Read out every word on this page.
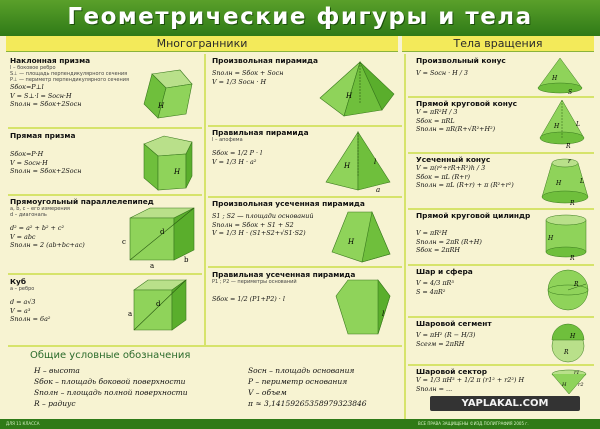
Геометрические фигуры и тела
Многогранники	Тела вращения
Наклонная призма
l – боковое ребро
S⊥ — площадь перпендикулярного сечения
P⊥ — периметр перпендикулярного сечения
Sбок=P⊥l
V = S⊥·l = Sосн·H
Sполн = Sбок+2Sосн	H
Прямая призма
Sбок=P·H
V = Sосн·H
Sполн = Sбок+2Sосн	H
Прямоугольный параллелепипед
a, b, c – его измерения
d – диагональ
d² = a² + b² + c²
V = abc
Sполн = 2 (ab+bc+ac)
d
c
b
a
Куб
a – ребро
d = a√3
V = a³
Sполн = 6a²
d
a
Произвольная пирамида
Sполн = Sбок + Sосн
V = 1/3 Sосн · H
H
Правильная пирамида
l – апофема
Sбок = 1/2 P · l
V = 1/3 H · a²
H	l
a
Произвольная усеченная пирамида
S1 ; S2 — площади оснований
Sполн = Sбок + S1 + S2
V = 1/3 H · (S1+S2+√S1·S2)
H
Правильная усеченная пирамида
P1 ; P2 — периметры оснований
Sбок = 1/2 (P1+P2) · l
l
Произвольный конус
V = Sосн · H / 3
H
S
Прямой круговой конус
V = πR²H / 3
Sбок = πRL
Sполн = πR(R+√R²+H²)	H	L
R
Усеченный конус
V = π(r²+rR+R²)h / 3
Sбок = πL (R+r)
Sполн = πL (R+r) + π (R²+r²)
r
H	L
R
Прямой круговой цилиндр
V = πR²H
Sполн = 2πR (R+H)
Sбок = 2πRH
H
R
Шар и сфера
V = 4/3 πR³
S = 4πR²
R
Шаровой сегмент
V = πH² (R − H/3)
Sсегм = 2πRH
H
R
Шаровой сектор
V = 1/3 πH³ + 1/2 π (r1² + r2²) H
Sполн = ...
r1
r2
H
Общие условные обозначения
H – высота
Sбок – площадь боковой поверхности
Sполн – площадь полной поверхности
R – радиус
Sосн – площадь основания
P – периметр основания
V – объем
π ≈ 3,14159265358979323846
ДЛЯ 11 КЛАССА	ВСЕ ПРАВА ЗАЩИЩЕНЫ ©ИЗД.ПОЛИГРАФИЯ 2005 г.
YAPLAKAL.COM
